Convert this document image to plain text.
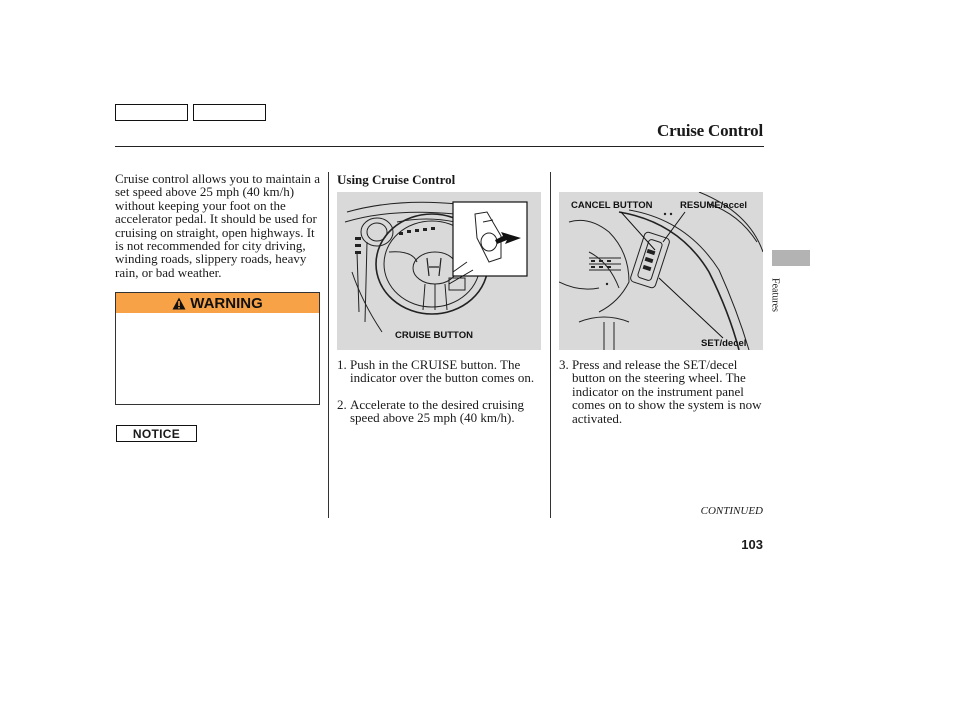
Cruise Control
Cruise control allows you to maintain a set speed above 25 mph (40 km/h) without keeping your foot on the accelerator pedal. It should be used for cruising on straight, open highways. It is not recommended for city driving, winding roads, slippery roads, heavy rain, or bad weather.
WARNING
NOTICE
Using Cruise Control
CRUISE BUTTON
CANCEL BUTTON	RESUME/accel
SET/decel
1. Push in the CRUISE button. The indicator over the button comes on.
2. Accelerate to the desired cruising speed above 25 mph (40 km/h).
3. Press and release the SET/decel button on the steering wheel. The indicator on the instrument panel comes on to show the system is now activated.
CONTINUED
103
Features
